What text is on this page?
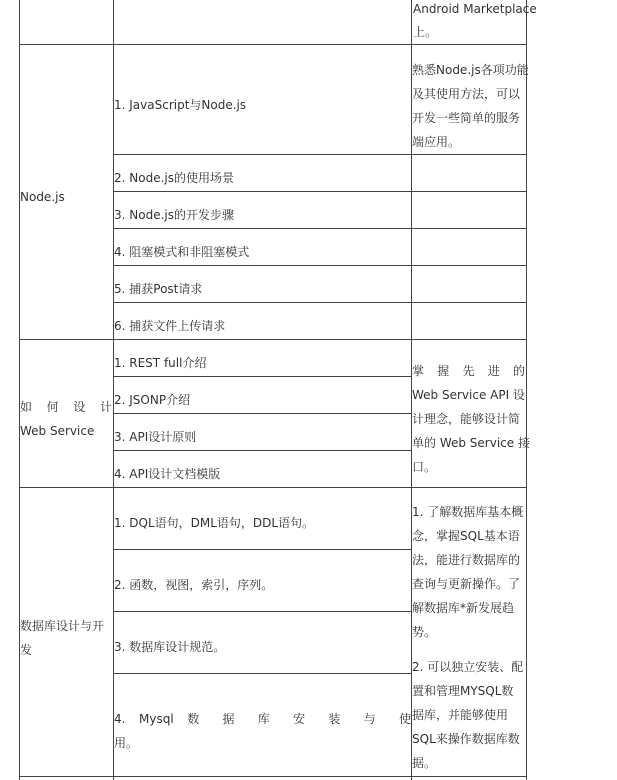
Android Marketplace
上。
Node.js
1. JavaScript与Node.js
2. Node.js的使用场景
3. Node.js的开发步骤
4. 阻塞模式和非阻塞模式
5. 捕获Post请求
6. 捕获文件上传请求
熟悉Node.js各项功能
及其使用方法，可以
开发一些简单的服务
端应用。
如 何 设 计
Web Service
1. REST full介绍
2. JSONP介绍
3. API设计原则
4. API设计文档模版
掌 握 先 进 的
Web Service API 设
计理念，能够设计简
单的 Web Service 接
口。
数据库设计与开
发
1. DQL语句，DML语句，DDL语句。
2. 函数，视图，索引，序列。
3. 数据库设计规范。
4. Mysql 数 据 库 安 装 与 使
用。
1. 了解数据库基本概
念，掌握SQL基本语
法，能进行数据库的
查询与更新操作。了
解数据库*新发展趋
势。
2. 可以独立安装、配
置和管理MYSQL数
据库，并能够使用
SQL来操作数据库数
据。
